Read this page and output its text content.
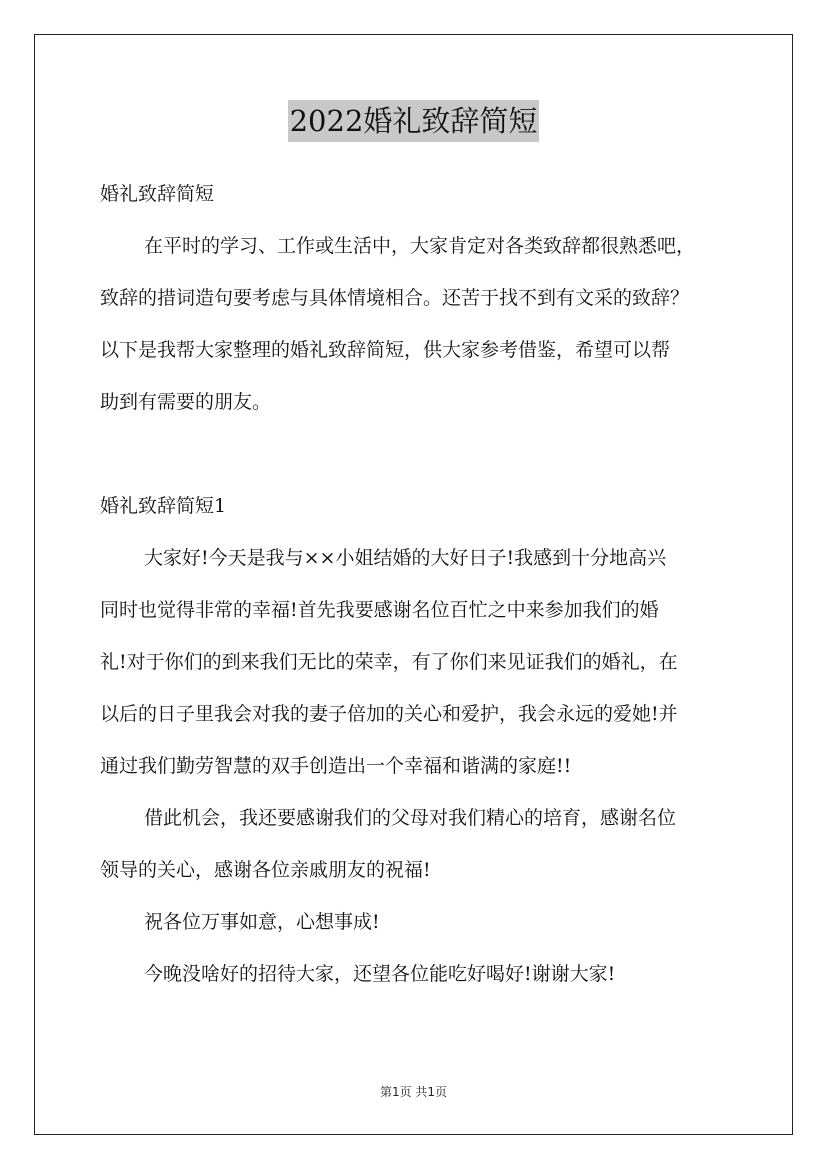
2022婚礼致辞简短

婚礼致辞简短

在平时的学习、工作或生活中，大家肯定对各类致辞都很熟悉吧，

致辞的措词造句要考虑与具体情境相合。还苦于找不到有文采的致辞？

以下是我帮大家整理的婚礼致辞简短，供大家参考借鉴，希望可以帮

助到有需要的朋友。

婚礼致辞简短1

大家好!今天是我与××小姐结婚的大好日子!我感到十分地高兴

同时也觉得非常的幸福!首先我要感谢名位百忙之中来参加我们的婚

礼!对于你们的到来我们无比的荣幸，有了你们来见证我们的婚礼，在

以后的日子里我会对我的妻子倍加的关心和爱护，我会永远的爱她!并

通过我们勤劳智慧的双手创造出一个幸福和谐满的家庭!!

借此机会，我还要感谢我们的父母对我们精心的培育，感谢名位

领导的关心，感谢各位亲戚朋友的祝福!

祝各位万事如意，心想事成!

今晚没啥好的招待大家，还望各位能吃好喝好!谢谢大家!

第1页 共1页
